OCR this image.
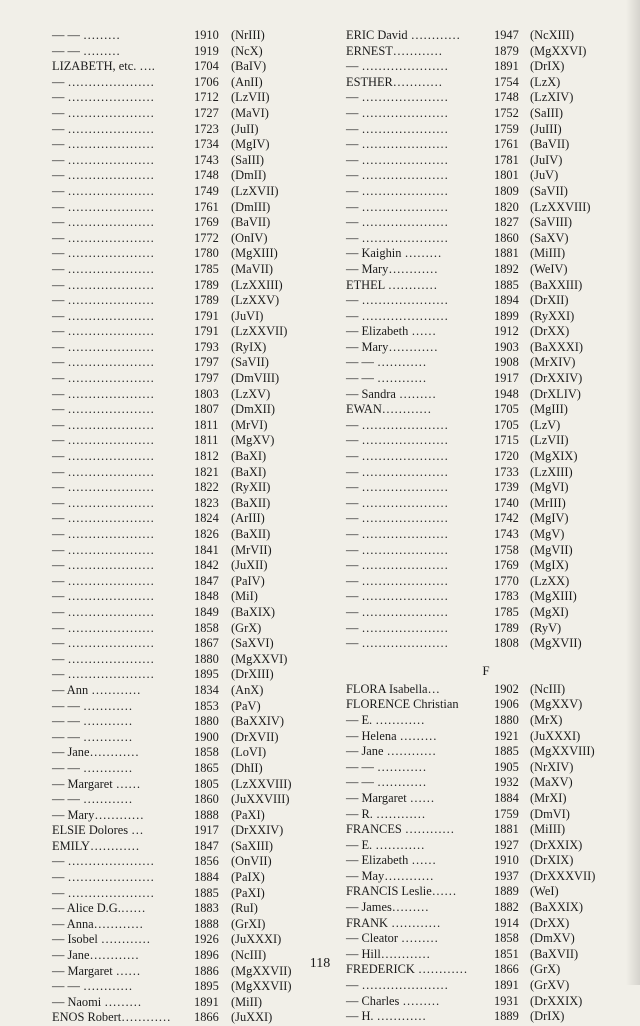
— — ………	1910 (NrIII)
— — ………	1919 (NcX)
LIZABETH, etc. ….	1704 (BaIV)
— …………………	1706 (AnII)
— …………………	1712 (LzVII)
— …………………	1727 (MaVI)
— …………………	1723 (JuII)
— …………………	1734 (MgIV)
— …………………	1743 (SaIII)
— …………………	1748 (DmII)
— …………………	1749 (LzXVII)
— …………………	1761 (DmIII)
— …………………	1769 (BaVII)
— …………………	1772 (OnIV)
— …………………	1780 (MgXIII)
— …………………	1785 (MaVII)
— …………………	1789 (LzXXIII)
— …………………	1789 (LzXXV)
— …………………	1791 (JuVI)
— …………………	1791 (LzXXVII)
— …………………	1793 (RyIX)
— …………………	1797 (SaVII)
— …………………	1797 (DmVIII)
— …………………	1803 (LzXV)
— …………………	1807 (DmXII)
— …………………	1811 (MrVI)
— …………………	1811 (MgXV)
— …………………	1812 (BaXI)
— …………………	1821 (BaXI)
— …………………	1822 (RyXII)
— …………………	1823 (BaXII)
— …………………	1824 (ArIII)
— …………………	1826 (BaXII)
— …………………	1841 (MrVII)
— …………………	1842 (JuXII)
— …………………	1847 (PaIV)
— …………………	1848 (MiI)
— …………………	1849 (BaXIX)
— …………………	1858 (GrX)
— …………………	1867 (SaXVI)
— …………………	1880 (MgXXVI)
— …………………	1895 (DrXIII)
— Ann …………	1834 (AnX)
— — …………	1853 (PaV)
— — …………	1880 (BaXXIV)
— — …………	1900 (DrXVII)
— Jane…………	1858 (LoVI)
— — …………	1865 (DhII)
— Margaret ……	1805 (LzXXVIII)
— — …………	1860 (JuXXVIII)
— Mary…………	1888 (PaXI)
ELSIE Dolores …	1917 (DrXXIV)
EMILY…………	1847 (SaXIII)
— …………………	1856 (OnVII)
— …………………	1884 (PaIX)
— …………………	1885 (PaXI)
— Alice D.G.……	1883 (RuI)
— Anna…………	1888 (GrXI)
— Isobel …………	1926 (JuXXXI)
— Jane…………	1896 (NcIII)
— Margaret ……	1886 (MgXXVII)
— — …………	1895 (MgXXVII)
— Naomi ………	1891 (MiII)
ENOS Robert………… 1866 (JuXXI)
ERIC David …………	1947 (NcXIII)
ERNEST…………	1879 (MgXXVI)
— …………………	1891 (DrIX)
ESTHER…………	1754 (LzX)
— …………………	1748 (LzXIV)
— …………………	1752 (SaIII)
— …………………	1759 (JuIII)
— …………………	1761 (BaVII)
— …………………	1781 (JuIV)
— …………………	1801 (JuV)
— …………………	1809 (SaVII)
— …………………	1820 (LzXXVIII)
— …………………	1827 (SaVIII)
— …………………	1860 (SaXV)
— Kaighin ………	1881 (MiIII)
— Mary…………	1892 (WeIV)
ETHEL …………	1885 (BaXXIII)
— …………………	1894 (DrXII)
— …………………	1899 (RyXXI)
— Elizabeth ……	1912 (DrXX)
— Mary…………	1903 (BaXXXI)
— — …………	1908 (MrXIV)
— — …………	1917 (DrXXIV)
— Sandra ………	1948 (DrXLIV)
EWAN…………	1705 (MgIII)
— …………………	1705 (LzV)
— …………………	1715 (LzVII)
— …………………	1720 (MgXIX)
— …………………	1733 (LzXIII)
— …………………	1739 (MgVI)
— …………………	1740 (MrIII)
— …………………	1742 (MgIV)
— …………………	1743 (MgV)
— …………………	1758 (MgVII)
— …………………	1769 (MgIX)
— …………………	1770 (LzXX)
— …………………	1783 (MgXIII)
— …………………	1785 (MgXI)
— …………………	1789 (RyV)
— …………………	1808 (MgXVII)
F
FLORA Isabella…	1902 (NcIII)
FLORENCE Christian	1906 (MgXXV)
— E. …………	1880 (MrX)
— Helena ………	1921 (JuXXXI)
— Jane …………	1885 (MgXXVIII)
— — …………	1905 (NrXIV)
— — …………	1932 (MaXV)
— Margaret ……	1884 (MrXI)
— R. …………	1759 (DmVI)
FRANCES …………	1881 (MiIII)
— E. …………	1927 (DrXXIX)
— Elizabeth ……	1910 (DrXIX)
— May…………	1937 (DrXXXVII)
FRANCIS Leslie……	1889 (WeI)
— James………	1882 (BaXXIX)
FRANK …………	1914 (DrXX)
— Cleator ………	1858 (DmXV)
— Hill…………	1851 (BaXVII)
FREDERICK ………… 1866 (GrX)
— …………………	1891 (GrXV)
— Charles ………	1931 (DrXXIX)
— H. …………	1889 (DrIX)
118
